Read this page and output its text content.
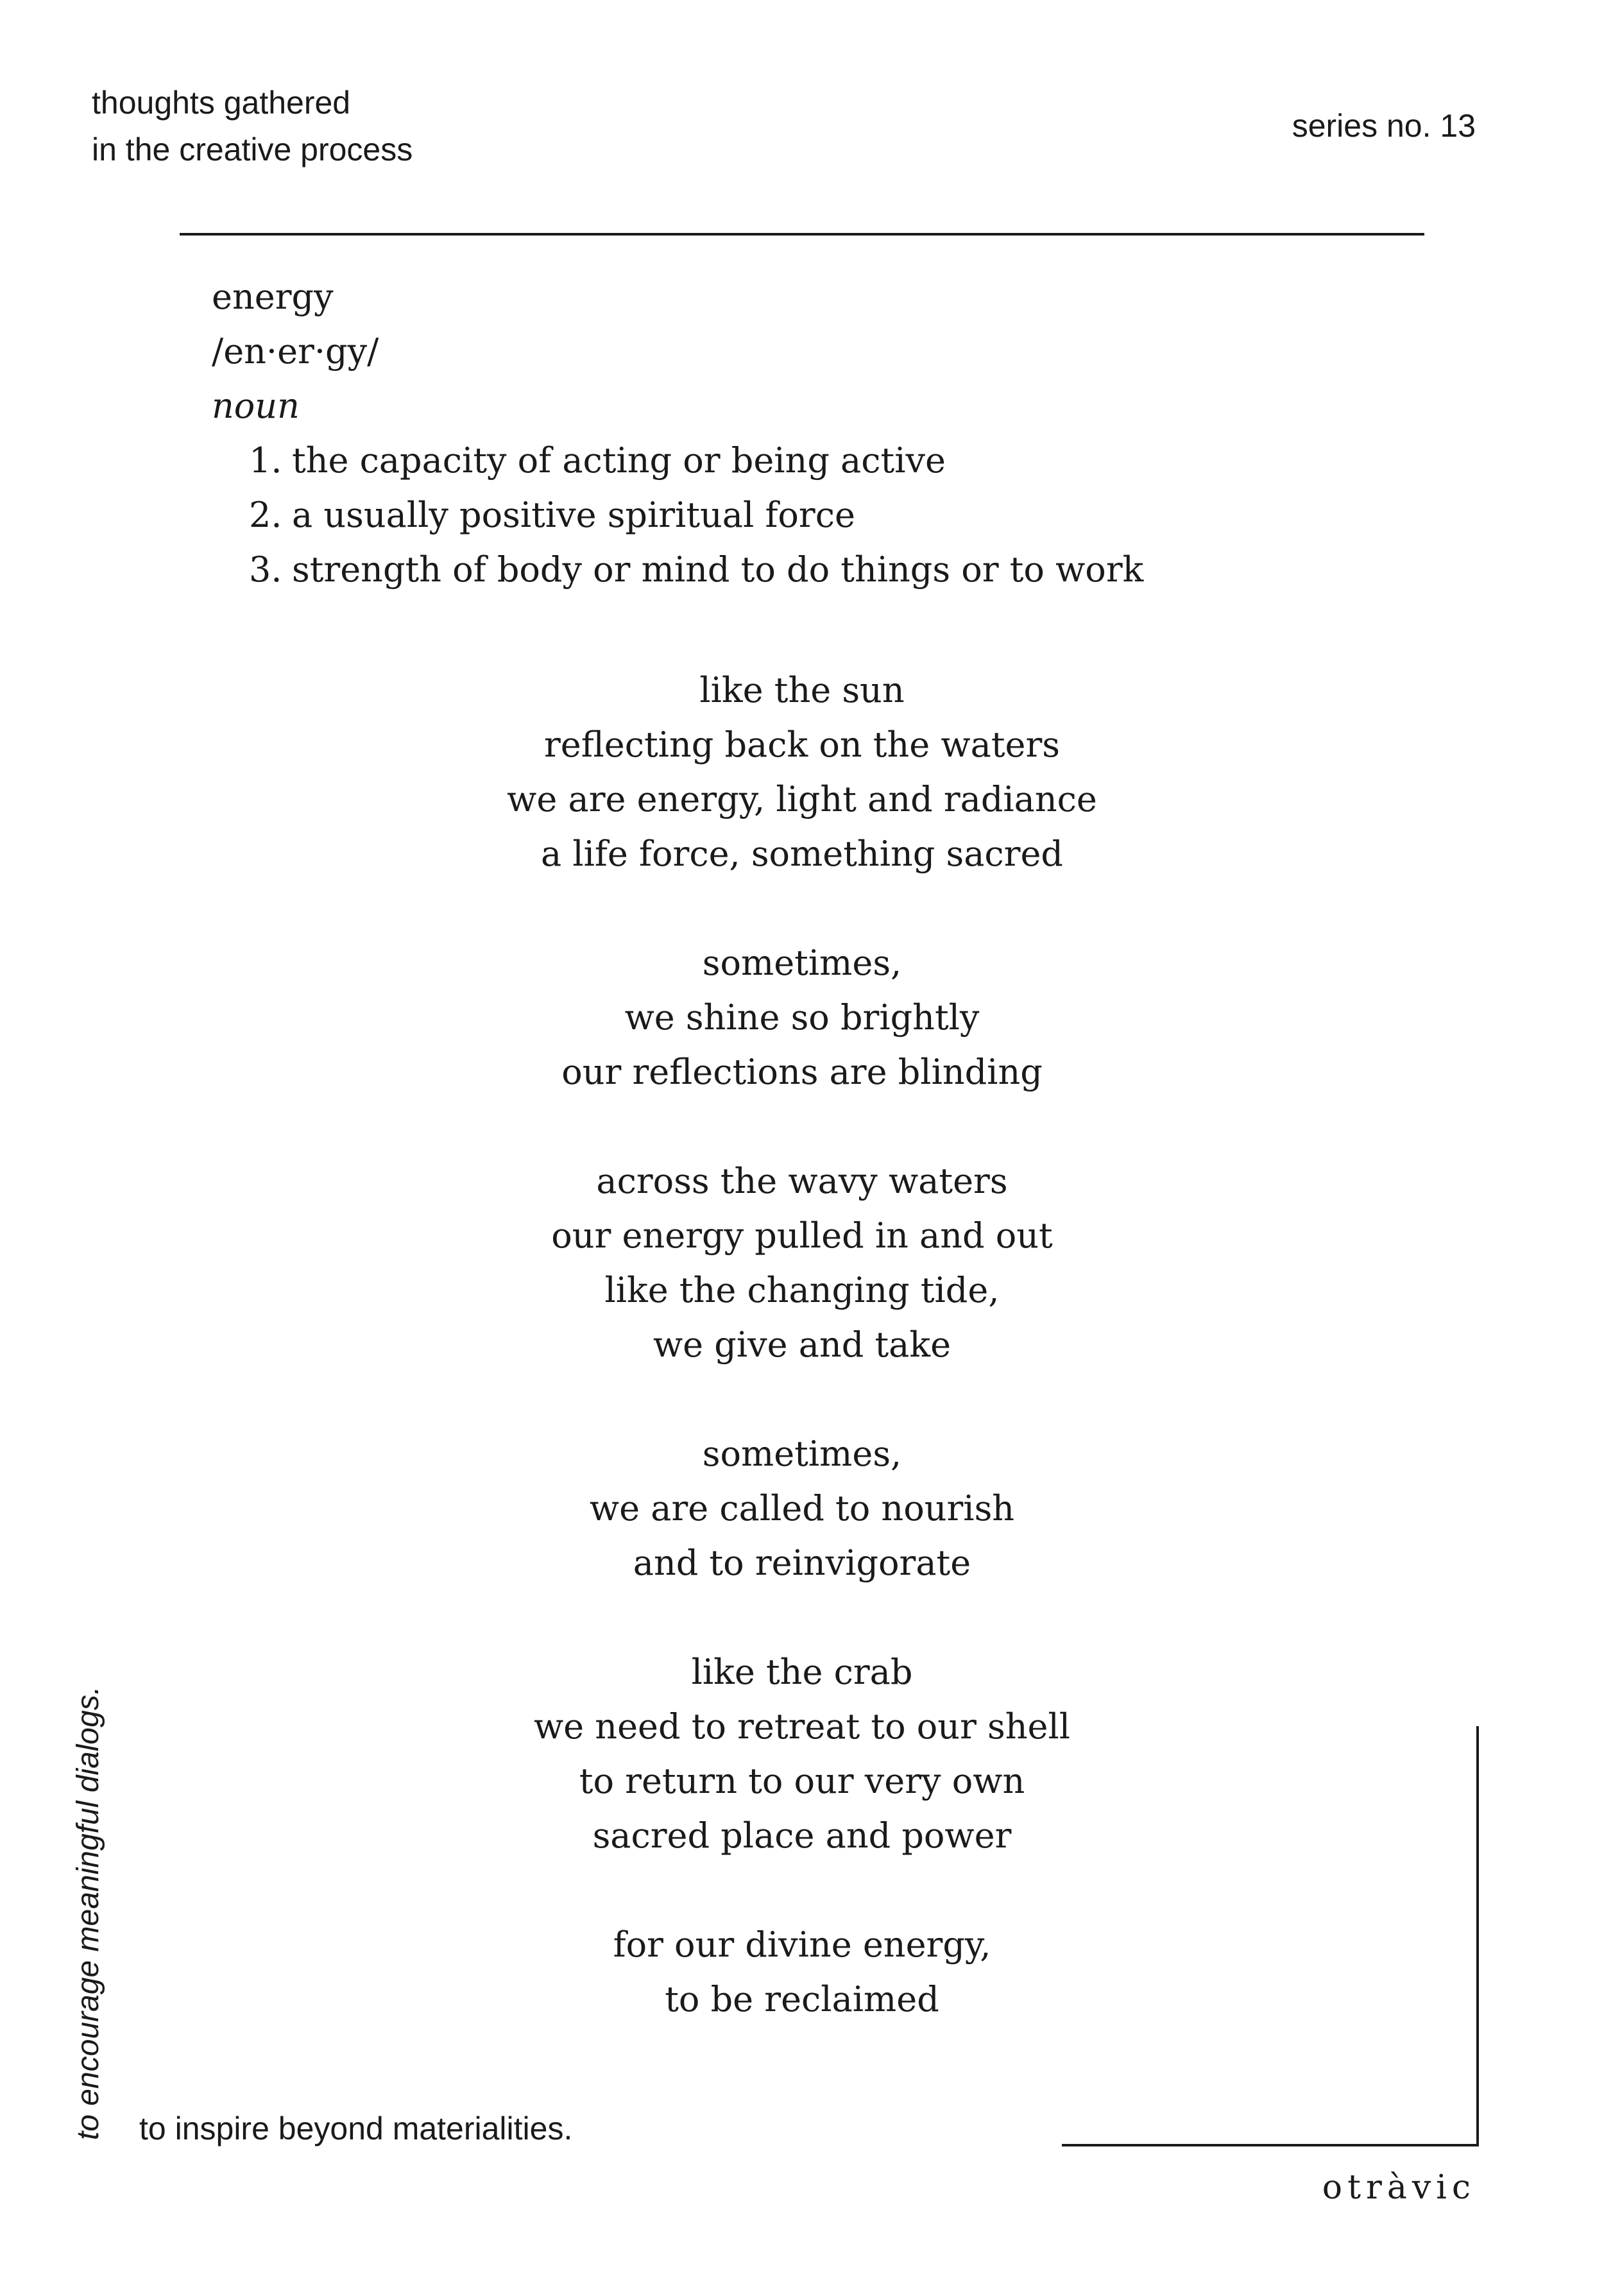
thoughts gathered
in the creative process
series no. 13
energy
/en·er·gy/
noun
1. the capacity of acting or being active
2. a usually positive spiritual force
3. strength of body or mind to do things or to work
like the sun
reflecting back on the waters
we are energy, light and radiance
a life force, something sacred
sometimes,
we shine so brightly
our reflections are blinding
across the wavy waters
our energy pulled in and out
like the changing tide,
we give and take
sometimes,
we are called to nourish
and to reinvigorate
like the crab
we need to retreat to our shell
to return to our very own
sacred place and power
for our divine energy,
to be reclaimed
to encourage meaningful dialogs. to inspire beyond materialities.
otràvic
